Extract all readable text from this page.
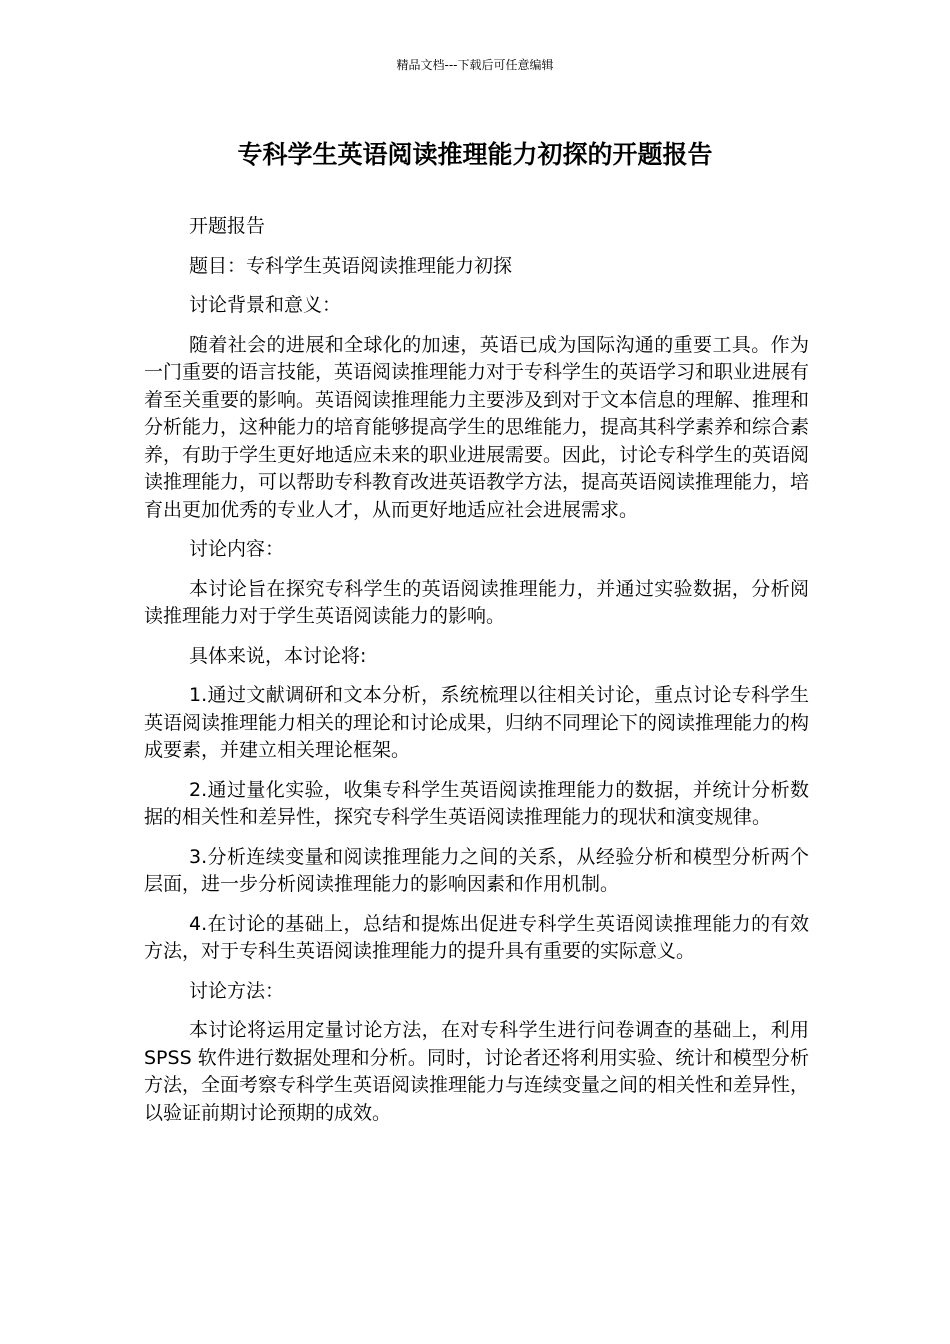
精品文档---下载后可任意编辑
专科学生英语阅读推理能力初探的开题报告

开题报告

题目：专科学生英语阅读推理能力初探

讨论背景和意义：

随着社会的进展和全球化的加速，英语已成为国际沟通的重要工具。作为一门重要的语言技能，英语阅读推理能力对于专科学生的英语学习和职业进展有着至关重要的影响。英语阅读推理能力主要涉及到对于文本信息的理解、推理和分析能力，这种能力的培育能够提高学生的思维能力，提高其科学素养和综合素养，有助于学生更好地适应未来的职业进展需要。因此，讨论专科学生的英语阅读推理能力，可以帮助专科教育改进英语教学方法，提高英语阅读推理能力，培育出更加优秀的专业人才，从而更好地适应社会进展需求。

讨论内容：

本讨论旨在探究专科学生的英语阅读推理能力，并通过实验数据，分析阅读推理能力对于学生英语阅读能力的影响。

具体来说，本讨论将:

1.通过文献调研和文本分析，系统梳理以往相关讨论，重点讨论专科学生英语阅读推理能力相关的理论和讨论成果，归纳不同理论下的阅读推理能力的构成要素，并建立相关理论框架。

2.通过量化实验，收集专科学生英语阅读推理能力的数据，并统计分析数据的相关性和差异性，探究专科学生英语阅读推理能力的现状和演变规律。

3.分析连续变量和阅读推理能力之间的关系，从经验分析和模型分析两个层面，进一步分析阅读推理能力的影响因素和作用机制。

4.在讨论的基础上，总结和提炼出促进专科学生英语阅读推理能力的有效方法，对于专科生英语阅读推理能力的提升具有重要的实际意义。

讨论方法：

本讨论将运用定量讨论方法，在对专科学生进行问卷调查的基础上，利用 SPSS 软件进行数据处理和分析。同时，讨论者还将利用实验、统计和模型分析方法，全面考察专科学生英语阅读推理能力与连续变量之间的相关性和差异性，以验证前期讨论预期的成效。
